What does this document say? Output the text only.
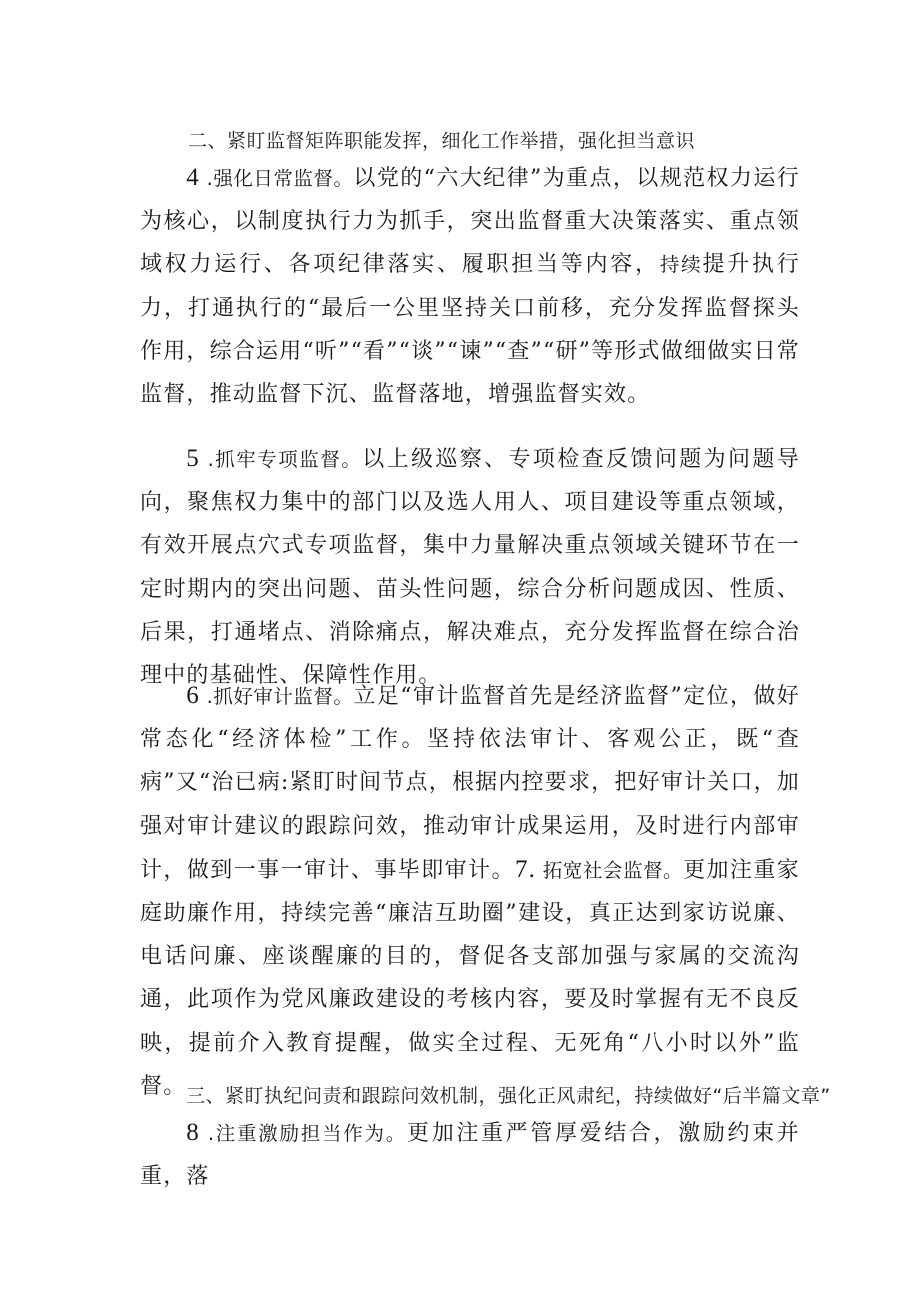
二、紧盯监督矩阵职能发挥，细化工作举措，强化担当意识

4 .强化日常监督。以党的“六大纪律”为重点，以规范权力运行为核心，以制度执行力为抓手，突出监督重大决策落实、重点领域权力运行、各项纪律落实、履职担当等内容，持续提升执行力，打通执行的“最后一公里坚持关口前移，充分发挥监督探头作用，综合运用“听”“看”“谈”“谏”“查”“研”等形式做细做实日常监督，推动监督下沉、监督落地，增强监督实效。

5 .抓牢专项监督。以上级巡察、专项检查反馈问题为问题导向，聚焦权力集中的部门以及选人用人、项目建设等重点领域，有效开展点穴式专项监督，集中力量解决重点领域关键环节在一定时期内的突出问题、苗头性问题，综合分析问题成因、性质、后果，打通堵点、消除痛点，解决难点，充分发挥监督在综合治理中的基础性、保障性作用。

6 .抓好审计监督。立足“审计监督首先是经济监督”定位，做好常态化“经济体检”工作。坚持依法审计、客观公正，既“查病”又“治已病:紧盯时间节点，根据内控要求，把好审计关口，加强对审计建议的跟踪问效，推动审计成果运用，及时进行内部审计，做到一事一审计、事毕即审计。7. 拓宽社会监督。更加注重家庭助廉作用，持续完善“廉洁互助圈”建设，真正达到家访说廉、电话问廉、座谈醒廉的目的，督促各支部加强与家属的交流沟通，此项作为党风廉政建设的考核内容，要及时掌握有无不良反映，提前介入教育提醒，做实全过程、无死角“八小时以外”监督。 三、紧盯执纪问责和跟踪问效机制，强化正风肃纪，持续做好“后半篇文章”

8 .注重激励担当作为。更加注重严管厚爱结合，激励约束并重，落
